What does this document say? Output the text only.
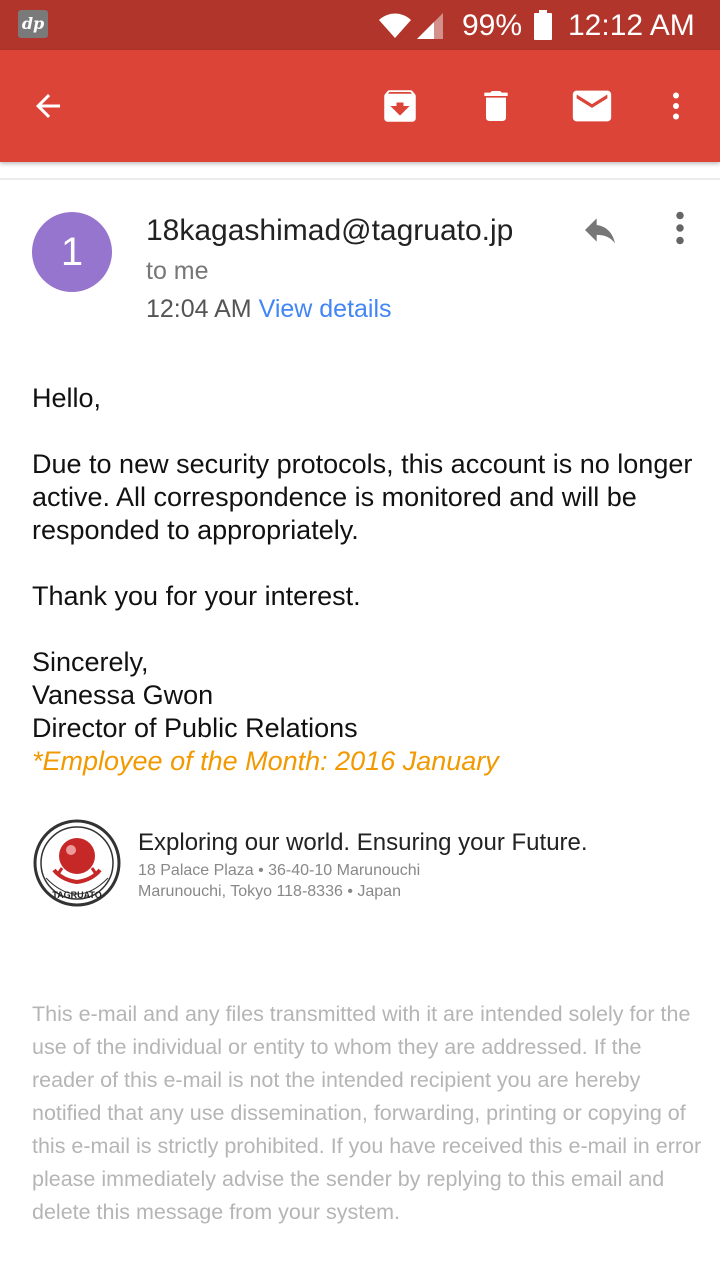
dp	99% 12:12 AM
1	18kagashimad@tagruato.jp
to me
12:04 AM View details
Hello,
Due to new security protocols, this account is no longer active. All correspondence is monitored and will be responded to appropriately.
Thank you for your interest.
Sincerely,
Vanessa Gwon
Director of Public Relations
*Employee of the Month: 2016 January
TAGRUATO
Exploring our world. Ensuring your Future.
18 Palace Plaza • 36-40-10 Marunouchi
Marunouchi, Tokyo 118-8336 • Japan
This e-mail and any files transmitted with it are intended solely for the use of the individual or entity to whom they are addressed. If the reader of this e-mail is not the intended recipient you are hereby notified that any use dissemination, forwarding, printing or copying of this e-mail is strictly prohibited. If you have received this e-mail in error please immediately advise the sender by replying to this email and delete this message from your system.
